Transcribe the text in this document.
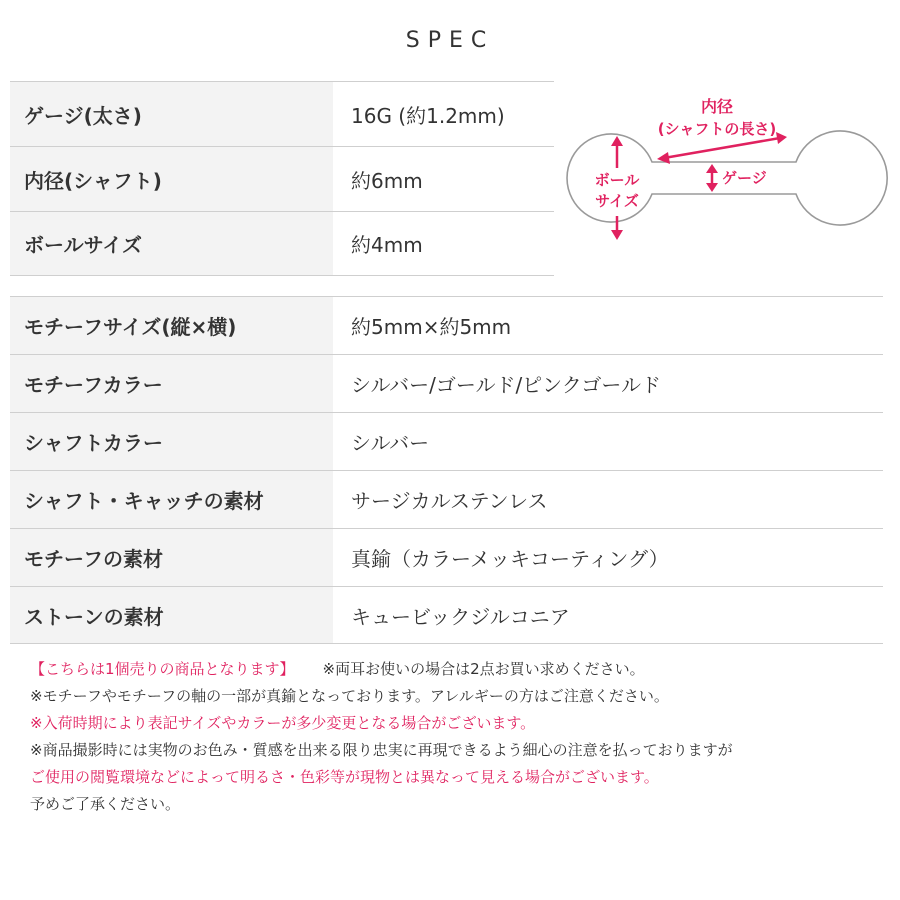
SPEC
ゲージ(太さ)	16G (約1.2mm)
内径(シャフト)	約6mm
ボールサイズ	約4mm
内径
(シャフトの長さ)
ボール
サイズ
ゲージ
モチーフサイズ(縦×横)	約5mm×約5mm
モチーフカラー	シルバー/ゴールド/ピンクゴールド
シャフトカラー	シルバー
シャフト・キャッチの素材	サージカルステンレス
モチーフの素材	真鍮（カラーメッキコーティング）
ストーンの素材	キュービックジルコニア
【こちらは1個売りの商品となります】 ※両耳お使いの場合は2点お買い求めください。
※モチーフやモチーフの軸の一部が真鍮となっております。アレルギーの方はご注意ください。
※入荷時期により表記サイズやカラーが多少変更となる場合がございます。
※商品撮影時には実物のお色み・質感を出来る限り忠実に再現できるよう細心の注意を払っておりますが
ご使用の閲覧環境などによって明るさ・色彩等が現物とは異なって見える場合がございます。
予めご了承ください。
